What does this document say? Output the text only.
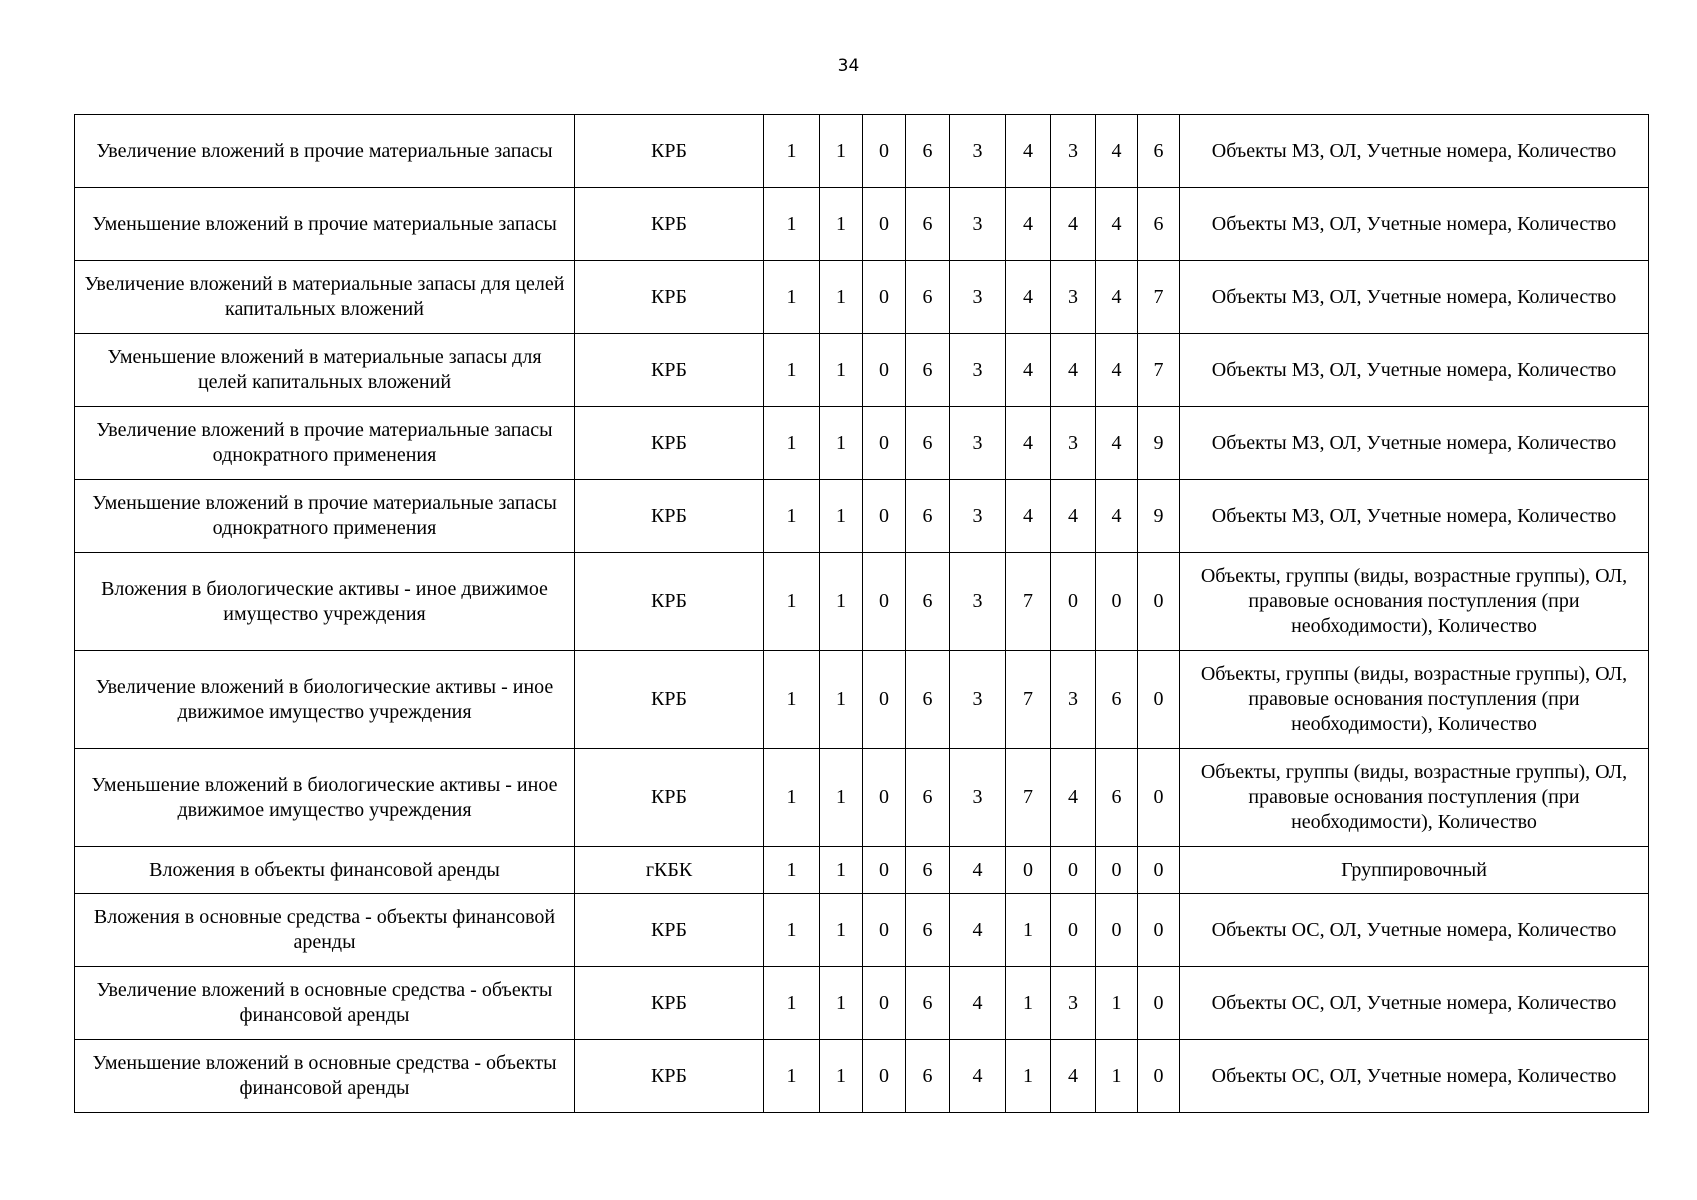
34
Увеличение вложений в прочие материальные запасы	КРБ	1	1	0	6	3	4	3	4	6	Объекты МЗ, ОЛ, Учетные номера, Количество
Уменьшение вложений в прочие материальные запасы	КРБ	1	1	0	6	3	4	4	4	6	Объекты МЗ, ОЛ, Учетные номера, Количество
Увеличение вложений в материальные запасы для целей капитальных вложений	КРБ	1	1	0	6	3	4	3	4	7	Объекты МЗ, ОЛ, Учетные номера, Количество
Уменьшение вложений в материальные запасы для целей капитальных вложений	КРБ	1	1	0	6	3	4	4	4	7	Объекты МЗ, ОЛ, Учетные номера, Количество
Увеличение вложений в прочие материальные запасы однократного применения	КРБ	1	1	0	6	3	4	3	4	9	Объекты МЗ, ОЛ, Учетные номера, Количество
Уменьшение вложений в прочие материальные запасы однократного применения	КРБ	1	1	0	6	3	4	4	4	9	Объекты МЗ, ОЛ, Учетные номера, Количество
Вложения в биологические активы - иное движимое имущество учреждения	КРБ	1	1	0	6	3	7	0	0	0	Объекты, группы (виды, возрастные группы), ОЛ, правовые основания поступления (при необходимости), Количество
Увеличение вложений в биологические активы - иное движимое имущество учреждения	КРБ	1	1	0	6	3	7	3	6	0	Объекты, группы (виды, возрастные группы), ОЛ, правовые основания поступления (при необходимости), Количество
Уменьшение вложений в биологические активы - иное движимое имущество учреждения	КРБ	1	1	0	6	3	7	4	6	0	Объекты, группы (виды, возрастные группы), ОЛ, правовые основания поступления (при необходимости), Количество
Вложения в объекты финансовой аренды	гКБК	1	1	0	6	4	0	0	0	0	Группировочный
Вложения в основные средства - объекты финансовой аренды	КРБ	1	1	0	6	4	1	0	0	0	Объекты ОС, ОЛ, Учетные номера, Количество
Увеличение вложений в основные средства - объекты финансовой аренды	КРБ	1	1	0	6	4	1	3	1	0	Объекты ОС, ОЛ, Учетные номера, Количество
Уменьшение вложений в основные средства - объекты финансовой аренды	КРБ	1	1	0	6	4	1	4	1	0	Объекты ОС, ОЛ, Учетные номера, Количество
